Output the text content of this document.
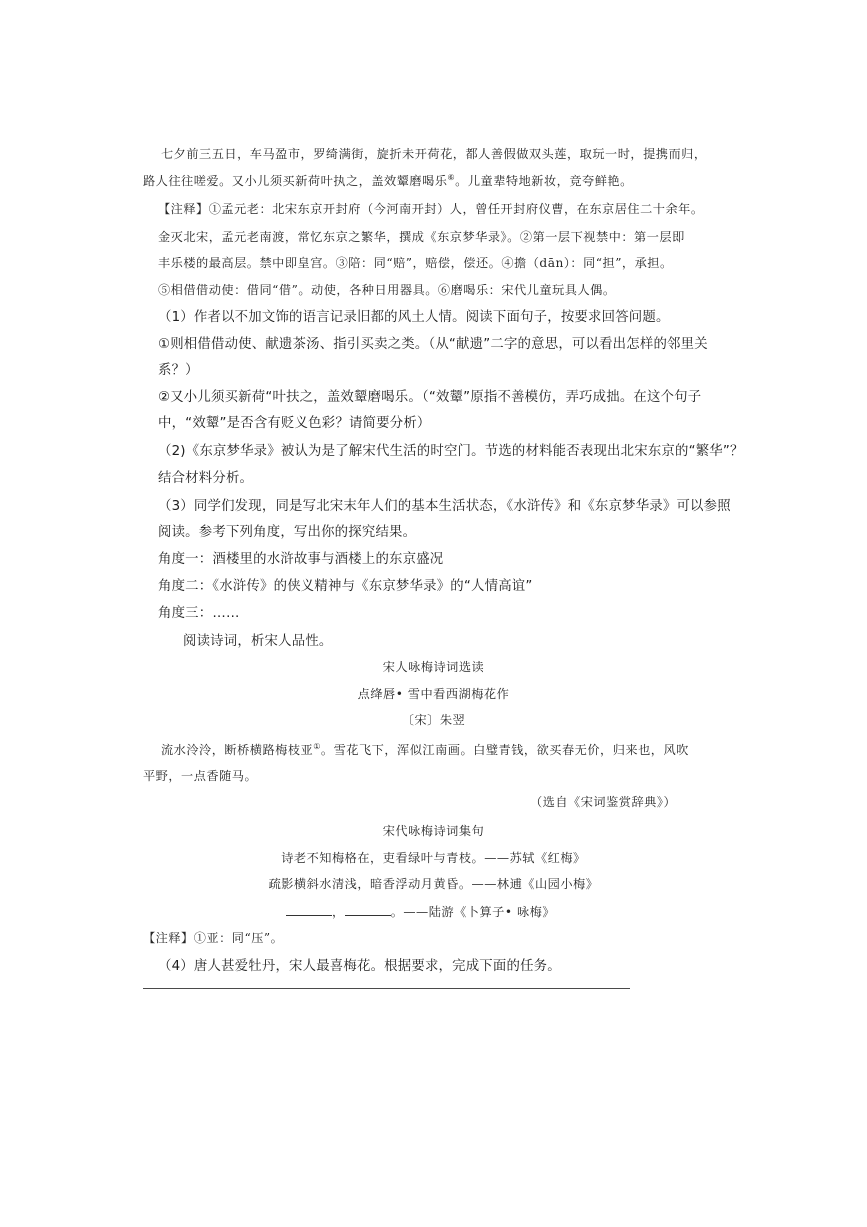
七夕前三五日，车马盈市，罗绮满街，旋折未开荷花，都人善假做双头莲，取玩一时，提携而归，
路人往往嗟爱。又小儿须买新荷叶执之，盖效颦磨喝乐⑥。儿童辈特地新妆，竞夸鲜艳。
【注释】①孟元老：北宋东京开封府（今河南开封）人，曾任开封府仪曹，在东京居住二十余年。
金灭北宋，孟元老南渡，常忆东京之繁华，撰成《东京梦华录》。②第一层下视禁中：第一层即
丰乐楼的最高层。禁中即皇宫。③陪：同“赔”，赔偿，偿还。④擔（dān）：同“担”，承担。
⑤相借借动使：借同“借”。动使，各种日用器具。⑥磨喝乐：宋代儿童玩具人偶。
（1）作者以不加文饰的语言记录旧都的风土人情。阅读下面句子，按要求回答问题。
①则相借借动使、献遗茶汤、指引买卖之类。（从“献遗”二字的意思，可以看出怎样的邻里关
系？）
②又小儿须买新荷“叶扶之，盖效颦磨喝乐。（“效颦”原指不善模仿，弄巧成拙。在这个句子
中，“效颦”是否含有贬义色彩？请简要分析）
（2)《东京梦华录》被认为是了解宋代生活的时空门。节选的材料能否表现出北宋东京的“繁华”？
结合材料分析。
（3）同学们发现，同是写北宋末年人们的基本生活状态，《水浒传》和《东京梦华录》可以参照
阅读。参考下列角度，写出你的探究结果。
角度一：酒楼里的水浒故事与酒楼上的东京盛况
角度二：《水浒传》的侠义精神与《东京梦华录》的“人情高谊”
角度三：……
阅读诗词，析宋人品性。
宋人咏梅诗词选读
点绛唇• 雪中看西湖梅花作
〔宋〕朱翌
流水泠泠，断桥横路梅枝亚①。雪花飞下，浑似江南画。白璧青钱，欲买春无价，归来也，风吹
平野，一点香随马。
（选自《宋词鉴赏辞典》）
宋代咏梅诗词集句
诗老不知梅格在，吏看绿叶与青枝。——苏轼《红梅》
疏影横斜水清浅，暗香浮动月黄昏。——林逋《山园小梅》
，	。——陆游《卜算子• 咏梅》
【注释】①亚：同“压”。
（4）唐人甚爱牡丹，宋人最喜梅花。根据要求，完成下面的任务。
